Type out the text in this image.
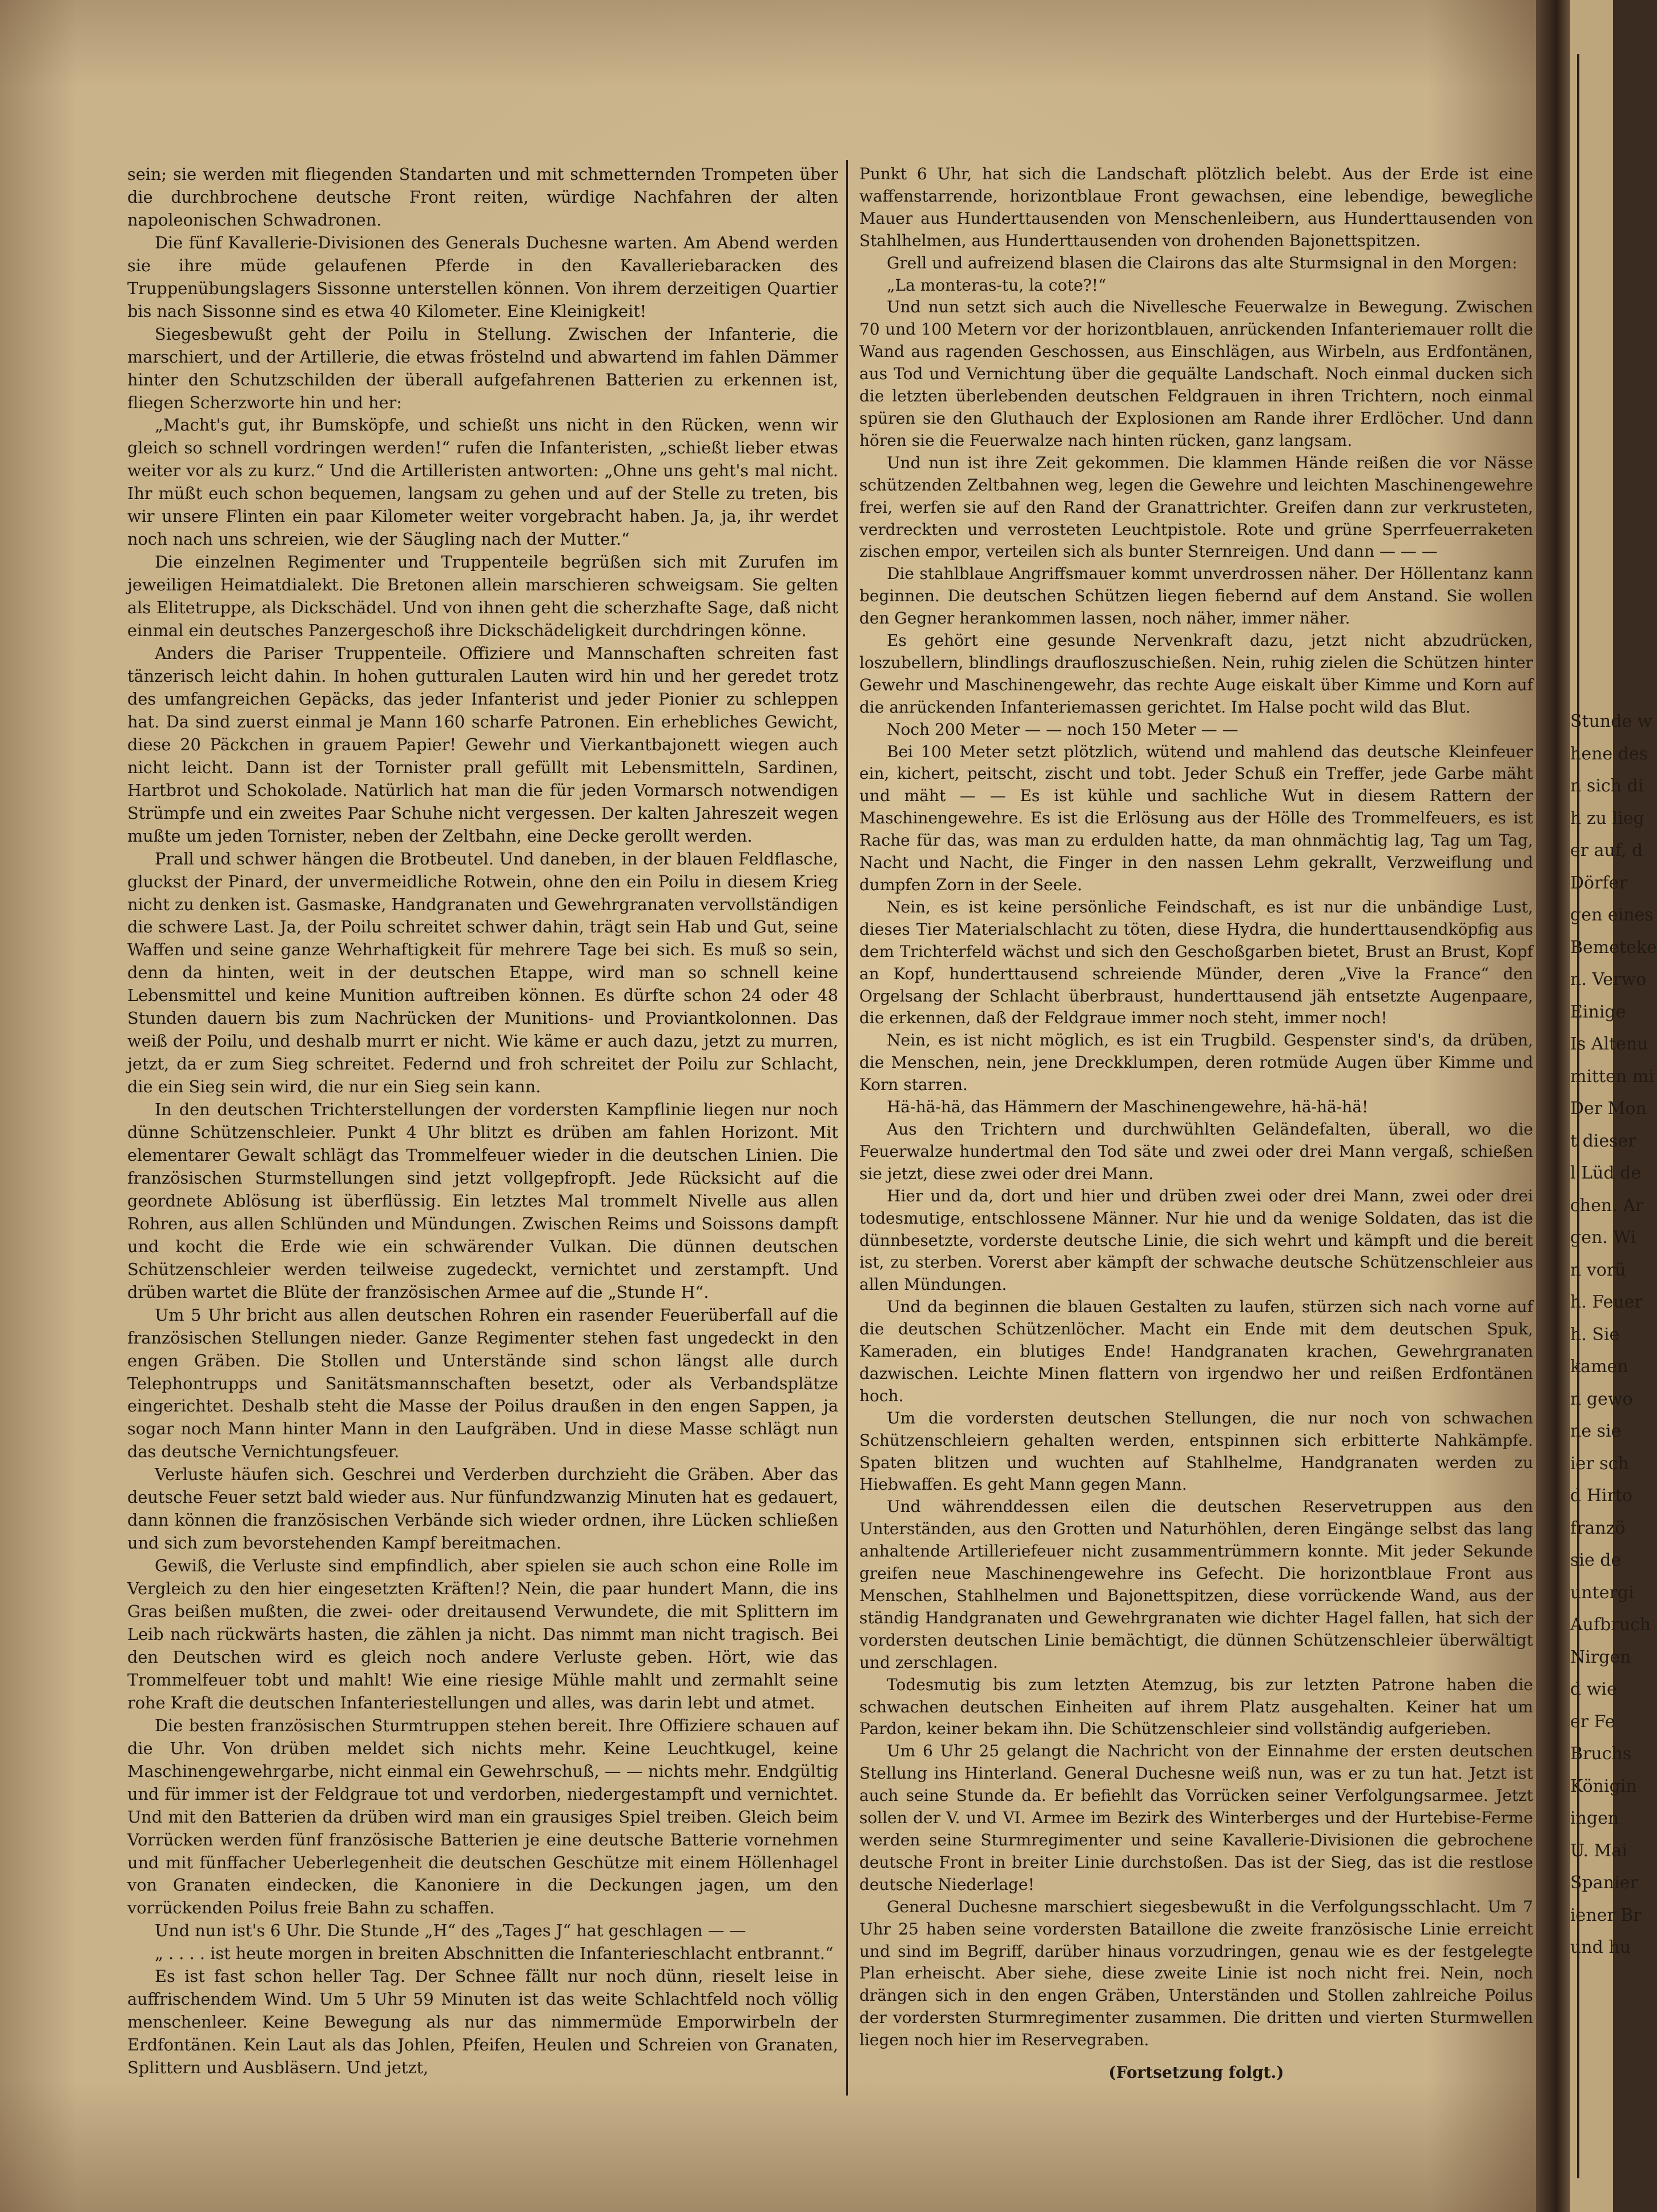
sein; sie werden mit fliegenden Standarten und mit schmetternden Trompeten über die durchbrochene deutsche Front reiten, würdige Nachfahren der alten napoleonischen Schwadronen.

Die fünf Kavallerie-Divisionen des Generals Duchesne warten. Am Abend werden sie ihre müde gelaufenen Pferde in den Kavalleriebaracken des Truppenübungslagers Sissonne unterstellen können. Von ihrem derzeitigen Quartier bis nach Sissonne sind es etwa 40 Kilometer. Eine Kleinigkeit!

Siegesbewußt geht der Poilu in Stellung. Zwischen der Infanterie, die marschiert, und der Artillerie, die etwas fröstelnd und abwartend im fahlen Dämmer hinter den Schutzschilden der überall aufgefahrenen Batterien zu erkennen ist, fliegen Scherzworte hin und her:

„Macht's gut, ihr Bumsköpfe, und schießt uns nicht in den Rücken, wenn wir gleich so schnell vordringen werden!“ rufen die Infanteristen, „schießt lieber etwas weiter vor als zu kurz.“ Und die Artilleristen antworten: „Ohne uns geht's mal nicht. Ihr müßt euch schon bequemen, langsam zu gehen und auf der Stelle zu treten, bis wir unsere Flinten ein paar Kilometer weiter vorgebracht haben. Ja, ja, ihr werdet noch nach uns schreien, wie der Säugling nach der Mutter.“

Die einzelnen Regimenter und Truppenteile begrüßen sich mit Zurufen im jeweiligen Heimatdialekt. Die Bretonen allein marschieren schweigsam. Sie gelten als Elitetruppe, als Dickschädel. Und von ihnen geht die scherzhafte Sage, daß nicht einmal ein deutsches Panzergeschoß ihre Dickschädeligkeit durchdringen könne.

Anders die Pariser Truppenteile. Offiziere und Mannschaften schreiten fast tänzerisch leicht dahin. In hohen gutturalen Lauten wird hin und her geredet trotz des umfangreichen Gepäcks, das jeder Infanterist und jeder Pionier zu schleppen hat. Da sind zuerst einmal je Mann 160 scharfe Patronen. Ein erhebliches Gewicht, diese 20 Päckchen in grauem Papier! Gewehr und Vierkantbajonett wiegen auch nicht leicht. Dann ist der Tornister prall gefüllt mit Lebensmitteln, Sardinen, Hartbrot und Schokolade. Natürlich hat man die für jeden Vormarsch notwendigen Strümpfe und ein zweites Paar Schuhe nicht vergessen. Der kalten Jahreszeit wegen mußte um jeden Tornister, neben der Zeltbahn, eine Decke gerollt werden.

Prall und schwer hängen die Brotbeutel. Und daneben, in der blauen Feldflasche, gluckst der Pinard, der unvermeidliche Rotwein, ohne den ein Poilu in diesem Krieg nicht zu denken ist. Gasmaske, Handgranaten und Gewehrgranaten vervollständigen die schwere Last. Ja, der Poilu schreitet schwer dahin, trägt sein Hab und Gut, seine Waffen und seine ganze Wehrhaftigkeit für mehrere Tage bei sich. Es muß so sein, denn da hinten, weit in der deutschen Etappe, wird man so schnell keine Lebensmittel und keine Munition auftreiben können. Es dürfte schon 24 oder 48 Stunden dauern bis zum Nachrücken der Munitions- und Proviantkolonnen. Das weiß der Poilu, und deshalb murrt er nicht. Wie käme er auch dazu, jetzt zu murren, jetzt, da er zum Sieg schreitet. Federnd und froh schreitet der Poilu zur Schlacht, die ein Sieg sein wird, die nur ein Sieg sein kann.

In den deutschen Trichterstellungen der vordersten Kampflinie liegen nur noch dünne Schützenschleier. Punkt 4 Uhr blitzt es drüben am fahlen Horizont. Mit elementarer Gewalt schlägt das Trommelfeuer wieder in die deutschen Linien. Die französischen Sturmstellungen sind jetzt vollgepfropft. Jede Rücksicht auf die geordnete Ablösung ist überflüssig. Ein letztes Mal trommelt Nivelle aus allen Rohren, aus allen Schlünden und Mündungen. Zwischen Reims und Soissons dampft und kocht die Erde wie ein schwärender Vulkan. Die dünnen deutschen Schützenschleier werden teilweise zugedeckt, vernichtet und zerstampft. Und drüben wartet die Blüte der französischen Armee auf die „Stunde H“.

Um 5 Uhr bricht aus allen deutschen Rohren ein rasender Feuerüberfall auf die französischen Stellungen nieder. Ganze Regimenter stehen fast ungedeckt in den engen Gräben. Die Stollen und Unterstände sind schon längst alle durch Telephontrupps und Sanitätsmannschaften besetzt, oder als Verbandsplätze eingerichtet. Deshalb steht die Masse der Poilus draußen in den engen Sappen, ja sogar noch Mann hinter Mann in den Laufgräben. Und in diese Masse schlägt nun das deutsche Vernichtungsfeuer.

Verluste häufen sich. Geschrei und Verderben durchzieht die Gräben. Aber das deutsche Feuer setzt bald wieder aus. Nur fünfundzwanzig Minuten hat es gedauert, dann können die französischen Verbände sich wieder ordnen, ihre Lücken schließen und sich zum bevorstehenden Kampf bereitmachen.

Gewiß, die Verluste sind empfindlich, aber spielen sie auch schon eine Rolle im Vergleich zu den hier eingesetzten Kräften!? Nein, die paar hundert Mann, die ins Gras beißen mußten, die zwei- oder dreitausend Verwundete, die mit Splittern im Leib nach rückwärts hasten, die zählen ja nicht. Das nimmt man nicht tragisch. Bei den Deutschen wird es gleich noch andere Verluste geben. Hört, wie das Trommelfeuer tobt und mahlt! Wie eine riesige Mühle mahlt und zermahlt seine rohe Kraft die deutschen Infanteriestellungen und alles, was darin lebt und atmet.

Die besten französischen Sturmtruppen stehen bereit. Ihre Offiziere schauen auf die Uhr. Von drüben meldet sich nichts mehr. Keine Leuchtkugel, keine Maschinengewehrgarbe, nicht einmal ein Gewehrschuß, — — nichts mehr. Endgültig und für immer ist der Feldgraue tot und verdorben, niedergestampft und vernichtet. Und mit den Batterien da drüben wird man ein grausiges Spiel treiben. Gleich beim Vorrücken werden fünf französische Batterien je eine deutsche Batterie vornehmen und mit fünffacher Ueberlegenheit die deutschen Geschütze mit einem Höllenhagel von Granaten eindecken, die Kanoniere in die Deckungen jagen, um den vorrückenden Poilus freie Bahn zu schaffen.

Und nun ist's 6 Uhr. Die Stunde „H“ des „Tages J“ hat geschlagen — —

„ . . . . ist heute morgen in breiten Abschnitten die Infanterieschlacht entbrannt.“

Es ist fast schon heller Tag. Der Schnee fällt nur noch dünn, rieselt leise in auffrischendem Wind. Um 5 Uhr 59 Minuten ist das weite Schlachtfeld noch völlig menschenleer. Keine Bewegung als nur das nimmermüde Emporwirbeln der Erdfontänen. Kein Laut als das Johlen, Pfeifen, Heulen und Schreien von Granaten, Splittern und Ausbläsern. Und jetzt,

Punkt 6 Uhr, hat sich die Landschaft plötzlich belebt. Aus der Erde ist eine waffenstarrende, horizontblaue Front gewachsen, eine lebendige, bewegliche Mauer aus Hunderttausenden von Menschenleibern, aus Hunderttausenden von Stahlhelmen, aus Hunderttausenden von drohenden Bajonettspitzen.

Grell und aufreizend blasen die Clairons das alte Sturmsignal in den Morgen:

„La monteras-tu, la cote?!“

Und nun setzt sich auch die Nivellesche Feuerwalze in Bewegung. Zwischen 70 und 100 Metern vor der horizontblauen, anrückenden Infanteriemauer rollt die Wand aus ragenden Geschossen, aus Einschlägen, aus Wirbeln, aus Erdfontänen, aus Tod und Vernichtung über die gequälte Landschaft. Noch einmal ducken sich die letzten überlebenden deutschen Feldgrauen in ihren Trichtern, noch einmal spüren sie den Gluthauch der Explosionen am Rande ihrer Erdlöcher. Und dann hören sie die Feuerwalze nach hinten rücken, ganz langsam.

Und nun ist ihre Zeit gekommen. Die klammen Hände reißen die vor Nässe schützenden Zeltbahnen weg, legen die Gewehre und leichten Maschinengewehre frei, werfen sie auf den Rand der Granattrichter. Greifen dann zur verkrusteten, verdreckten und verrosteten Leuchtpistole. Rote und grüne Sperrfeuerraketen zischen empor, verteilen sich als bunter Sternreigen. Und dann — — —

Die stahlblaue Angriffsmauer kommt unverdrossen näher. Der Höllentanz kann beginnen. Die deutschen Schützen liegen fiebernd auf dem Anstand. Sie wollen den Gegner herankommen lassen, noch näher, immer näher.

Es gehört eine gesunde Nervenkraft dazu, jetzt nicht abzudrücken, loszubellern, blindlings draufloszuschießen. Nein, ruhig zielen die Schützen hinter Gewehr und Maschinengewehr, das rechte Auge eiskalt über Kimme und Korn auf die anrückenden Infanteriemassen gerichtet. Im Halse pocht wild das Blut.

Noch 200 Meter — — noch 150 Meter — —

Bei 100 Meter setzt plötzlich, wütend und mahlend das deutsche Kleinfeuer ein, kichert, peitscht, zischt und tobt. Jeder Schuß ein Treffer, jede Garbe mäht und mäht — — Es ist kühle und sachliche Wut in diesem Rattern der Maschinengewehre. Es ist die Erlösung aus der Hölle des Trommelfeuers, es ist Rache für das, was man zu erdulden hatte, da man ohnmächtig lag, Tag um Tag, Nacht und Nacht, die Finger in den nassen Lehm gekrallt, Verzweiflung und dumpfen Zorn in der Seele.

Nein, es ist keine persönliche Feindschaft, es ist nur die unbändige Lust, dieses Tier Materialschlacht zu töten, diese Hydra, die hunderttausendköpfig aus dem Trichterfeld wächst und sich den Geschoßgarben bietet, Brust an Brust, Kopf an Kopf, hunderttausend schreiende Münder, deren „Vive la France“ den Orgelsang der Schlacht überbraust, hunderttausend jäh entsetzte Augenpaare, die erkennen, daß der Feldgraue immer noch steht, immer noch!

Nein, es ist nicht möglich, es ist ein Trugbild. Gespenster sind's, da drüben, die Menschen, nein, jene Dreckklumpen, deren rotmüde Augen über Kimme und Korn starren.

Hä-hä-hä, das Hämmern der Maschinengewehre, hä-hä-hä!

Aus den Trichtern und durchwühlten Geländefalten, überall, wo die Feuerwalze hundertmal den Tod säte und zwei oder drei Mann vergaß, schießen sie jetzt, diese zwei oder drei Mann.

Hier und da, dort und hier und drüben zwei oder drei Mann, zwei oder drei todesmutige, entschlossene Männer. Nur hie und da wenige Soldaten, das ist die dünnbesetzte, vorderste deutsche Linie, die sich wehrt und kämpft und die bereit ist, zu sterben. Vorerst aber kämpft der schwache deutsche Schützenschleier aus allen Mündungen.

Und da beginnen die blauen Gestalten zu laufen, stürzen sich nach vorne auf die deutschen Schützenlöcher. Macht ein Ende mit dem deutschen Spuk, Kameraden, ein blutiges Ende! Handgranaten krachen, Gewehrgranaten dazwischen. Leichte Minen flattern von irgendwo her und reißen Erdfontänen hoch.

Um die vordersten deutschen Stellungen, die nur noch von schwachen Schützenschleiern gehalten werden, entspinnen sich erbitterte Nahkämpfe. Spaten blitzen und wuchten auf Stahlhelme, Handgranaten werden zu Hiebwaffen. Es geht Mann gegen Mann.

Und währenddessen eilen die deutschen Reservetruppen aus den Unterständen, aus den Grotten und Naturhöhlen, deren Eingänge selbst das lang anhaltende Artilleriefeuer nicht zusammentrümmern konnte. Mit jeder Sekunde greifen neue Maschinengewehre ins Gefecht. Die horizontblaue Front aus Menschen, Stahlhelmen und Bajonettspitzen, diese vorrückende Wand, aus der ständig Handgranaten und Gewehrgranaten wie dichter Hagel fallen, hat sich der vordersten deutschen Linie bemächtigt, die dünnen Schützenschleier überwältigt und zerschlagen.

Todesmutig bis zum letzten Atemzug, bis zur letzten Patrone haben die schwachen deutschen Einheiten auf ihrem Platz ausgehalten. Keiner hat um Pardon, keiner bekam ihn. Die Schützenschleier sind vollständig aufgerieben.

Um 6 Uhr 25 gelangt die Nachricht von der Einnahme der ersten deutschen Stellung ins Hinterland. General Duchesne weiß nun, was er zu tun hat. Jetzt ist auch seine Stunde da. Er befiehlt das Vorrücken seiner Verfolgungsarmee. Jetzt sollen der V. und VI. Armee im Bezirk des Winterberges und der Hurtebise-Ferme werden seine Sturmregimenter und seine Kavallerie-Divisionen die gebrochene deutsche Front in breiter Linie durchstoßen. Das ist der Sieg, das ist die restlose deutsche Niederlage!

General Duchesne marschiert siegesbewußt in die Verfolgungsschlacht. Um 7 Uhr 25 haben seine vordersten Bataillone die zweite französische Linie erreicht und sind im Begriff, darüber hinaus vorzudringen, genau wie es der festgelegte Plan erheischt. Aber siehe, diese zweite Linie ist noch nicht frei. Nein, noch drängen sich in den engen Gräben, Unterständen und Stollen zahlreiche Poilus der vordersten Sturmregimenter zusammen. Die dritten und vierten Sturmwellen liegen noch hier im Reservegraben.

(Fortsetzung folgt.)

Stunde w
hene des
n sich di
h zu lieg
er auf, d
Dörfer
gen eines
Bemeteke
n. Verwo
Einige
Is Altenu
mitten mi
Der Mon
t dieser
l Lüd de
chen. Ar
gen. Wi
n vorü
h. Feuer
h. Sie
kamen
n gewo
ne sie
ier sch
d Hirto
franzö
sie de
untergi
Aufbruch
Nirgen
d wie
er Fe
Bruchs
Königin
ingen
U. Mai
Spanier
iener Br
und hu
